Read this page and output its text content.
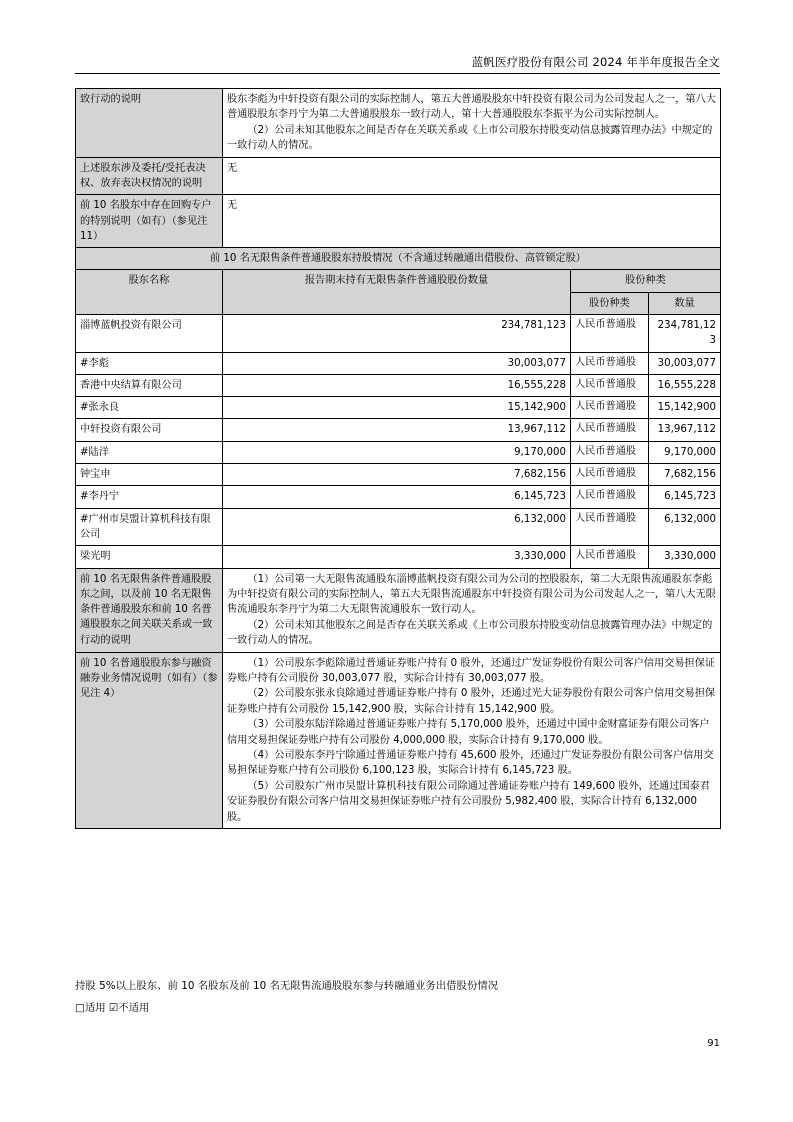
蓝帆医疗股份有限公司 2024 年半年度报告全文
致行动的说明	股东李彪为中轩投资有限公司的实际控制人，第五大普通股股东中轩投资有限公司为公司发起人之一，第八大普通股股东李丹宁为第二大普通股股东一致行动人，第十大普通股股东李振平为公司实际控制人。

（2）公司未知其他股东之间是否存在关联关系或《上市公司股东持股变动信息披露管理办法》中规定的一致行动人的情况。		

上述股东涉及委托/受托表决权、放弃表决权情况的说明	无		
前 10 名股东中存在回购专户的特别说明（如有）（参见注 11）	无		
前 10 名无限售条件普通股股东持股情况（不含通过转融通出借股份、高管锁定股）			
股东名称	报告期末持有无限售条件普通股股份数量	股份种类	
		股份种类	数量
淄博蓝帆投资有限公司	234,781,123	人民币普通股	234,781,123
#李彪	30,003,077	人民币普通股	30,003,077
香港中央结算有限公司	16,555,228	人民币普通股	16,555,228
#张永良	15,142,900	人民币普通股	15,142,900
中轩投资有限公司	13,967,112	人民币普通股	13,967,112
#陆洋	9,170,000	人民币普通股	9,170,000
钟宝申	7,682,156	人民币普通股	7,682,156
#李丹宁	6,145,723	人民币普通股	6,145,723
#广州市昊盟计算机科技有限公司	6,132,000	人民币普通股	6,132,000
梁光明	3,330,000	人民币普通股	3,330,000
前 10 名无限售条件普通股股东之间，以及前 10 名无限售条件普通股股东和前 10 名普通股股东之间关联关系或一致行动的说明	（1）公司第一大无限售流通股东淄博蓝帆投资有限公司为公司的控股股东，第二大无限售流通股东李彪为中轩投资有限公司的实际控制人，第五大无限售流通股东中轩投资有限公司为公司发起人之一，第八大无限售流通股东李丹宁为第二大无限售流通股东一致行动人。

（2）公司未知其他股东之间是否存在关联关系或《上市公司股东持股变动信息披露管理办法》中规定的一致行动人的情况。		

前 10 名普通股股东参与融资融券业务情况说明（如有）（参见注 4）	（1）公司股东李彪除通过普通证券账户持有 0 股外，还通过广发证券股份有限公司客户信用交易担保证券账户持有公司股份 30,003,077 股，实际合计持有 30,003,077 股。

（2）公司股东张永良除通过普通证券账户持有 0 股外，还通过光大证券股份有限公司客户信用交易担保证券账户持有公司股份 15,142,900 股，实际合计持有 15,142,900 股。

（3）公司股东陆洋除通过普通证券账户持有 5,170,000 股外，还通过中国中金财富证券有限公司客户信用交易担保证券账户持有公司股份 4,000,000 股，实际合计持有 9,170,000 股。

（4）公司股东李丹宁除通过普通证券账户持有 45,600 股外，还通过广发证券股份有限公司客户信用交易担保证券账户持有公司股份 6,100,123 股，实际合计持有 6,145,723 股。

（5）公司股东广州市昊盟计算机科技有限公司除通过普通证券账户持有 149,600 股外，还通过国泰君安证券股份有限公司客户信用交易担保证券账户持有公司股份 5,982,400 股，实际合计持有 6,132,000 股。		

持股 5%以上股东、前 10 名股东及前 10 名无限售流通股股东参与转融通业务出借股份情况
□适用 ☑不适用
91
